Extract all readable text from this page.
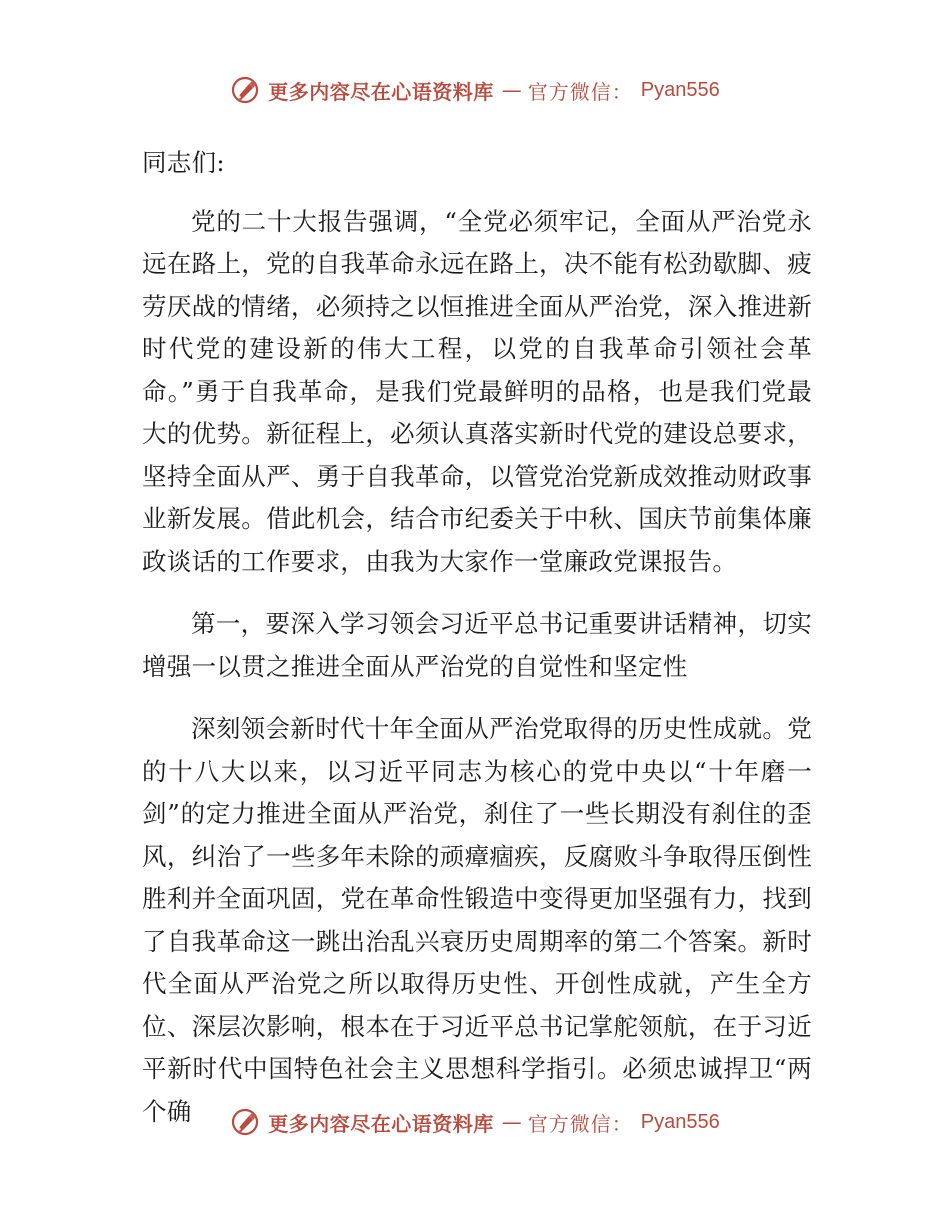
更多内容尽在心语资料库 — 官方微信： Pyan556

同志们:

党的二十大报告强调，“全党必须牢记，全面从严治党永远在路上，党的自我革命永远在路上，决不能有松劲歇脚、疲劳厌战的情绪，必须持之以恒推进全面从严治党，深入推进新时代党的建设新的伟大工程，以党的自我革命引领社会革命。”勇于自我革命，是我们党最鲜明的品格，也是我们党最大的优势。新征程上，必须认真落实新时代党的建设总要求，坚持全面从严、勇于自我革命，以管党治党新成效推动财政事业新发展。借此机会，结合市纪委关于中秋、国庆节前集体廉政谈话的工作要求，由我为大家作一堂廉政党课报告。

第一，要深入学习领会习近平总书记重要讲话精神，切实增强一以贯之推进全面从严治党的自觉性和坚定性

深刻领会新时代十年全面从严治党取得的历史性成就。党的十八大以来，以习近平同志为核心的党中央以“十年磨一剑”的定力推进全面从严治党，刹住了一些长期没有刹住的歪风，纠治了一些多年未除的顽瘴痼疾，反腐败斗争取得压倒性胜利并全面巩固，党在革命性锻造中变得更加坚强有力，找到了自我革命这一跳出治乱兴衰历史周期率的第二个答案。新时代全面从严治党之所以取得历史性、开创性成就，产生全方位、深层次影响，根本在于习近平总书记掌舵领航，在于习近平新时代中国特色社会主义思想科学指引。必须忠诚捍卫“两个确	更多内容尽在心语资料库 — 官方微信： Pyan556
